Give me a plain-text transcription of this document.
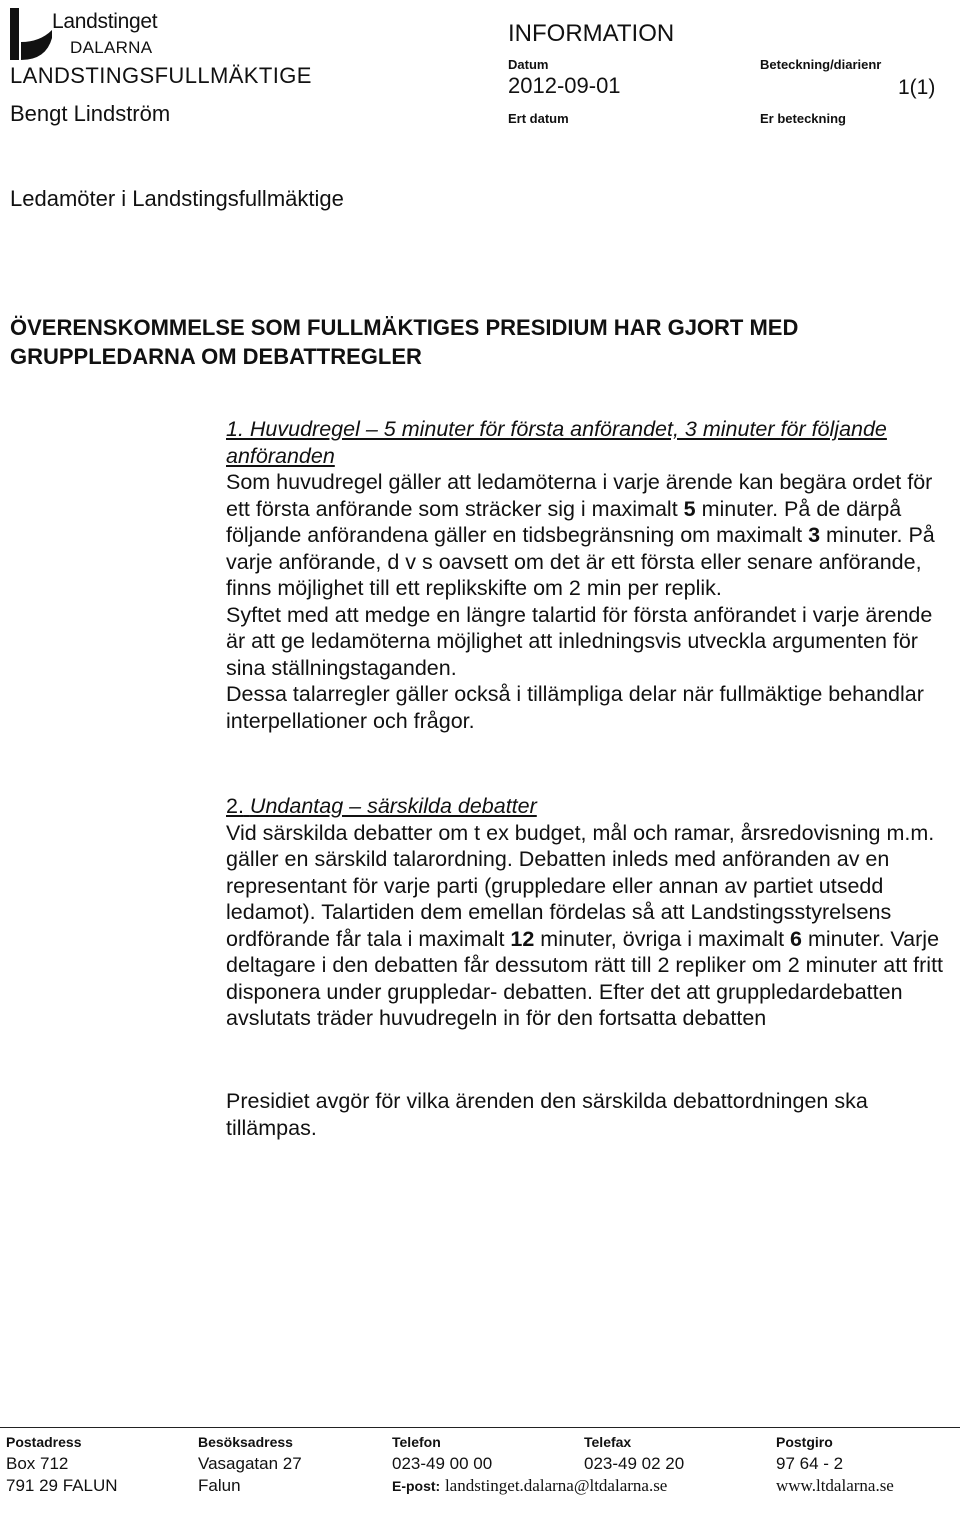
Landstinget
DALARNA
LANDSTINGSFULLMÄKTIGE
Bengt Lindström
INFORMATION
Datum
2012-09-01
Ert datum
Beteckning/diarienr
Er beteckning
1(1)
Ledamöter i Landstingsfullmäktige
ÖVERENSKOMMELSE SOM FULLMÄKTIGES PRESIDIUM HAR GJORT MED
GRUPPLEDARNA OM DEBATTREGLER

1. Huvudregel – 5 minuter för första anförandet, 3 minuter för följande anföranden

Som huvudregel gäller att ledamöterna i varje ärende kan begära ordet för ett första anförande som sträcker sig i maximalt 5 minuter. På de därpå följande anförandena gäller en tidsbegränsning om maximalt 3 minuter. På varje anförande, d v s oavsett om det är ett första eller senare anförande, finns möjlighet till ett replikskifte om 2 min per replik.

Syftet med att medge en längre talartid för första anförandet i varje ärende är att ge ledamöterna möjlighet att inledningsvis utveckla argumenten för sina ställningstaganden.

Dessa talarregler gäller också i tillämpliga delar när fullmäktige behandlar interpellationer och frågor.

2. Undantag – särskilda debatter

Vid särskilda debatter om t ex budget, mål och ramar, årsredovisning m.m. gäller en särskild talarordning. Debatten inleds med anföranden av en representant för varje parti (gruppledare eller annan av partiet utsedd ledamot). Talartiden dem emellan fördelas så att Landstingsstyrelsens ordförande får tala i maximalt 12 minuter, övriga i maximalt 6 minuter. Varje deltagare i den debatten får dessutom rätt till 2 repliker om 2 minuter att fritt disponera under gruppledar- debatten. Efter det att gruppledardebatten avslutats träder huvudregeln in för den fortsatta debatten

Presidiet avgör för vilka ärenden den särskilda debattordningen ska tillämpas.
Postadress
Box 712
791 29 FALUN
Besöksadress
Vasagatan 27
Falun
Telefon
023-49 00 00
E-post: landstinget.dalarna@ltdalarna.se
Telefax
023-49 02 20
Postgiro
97 64 - 2
www.ltdalarna.se
